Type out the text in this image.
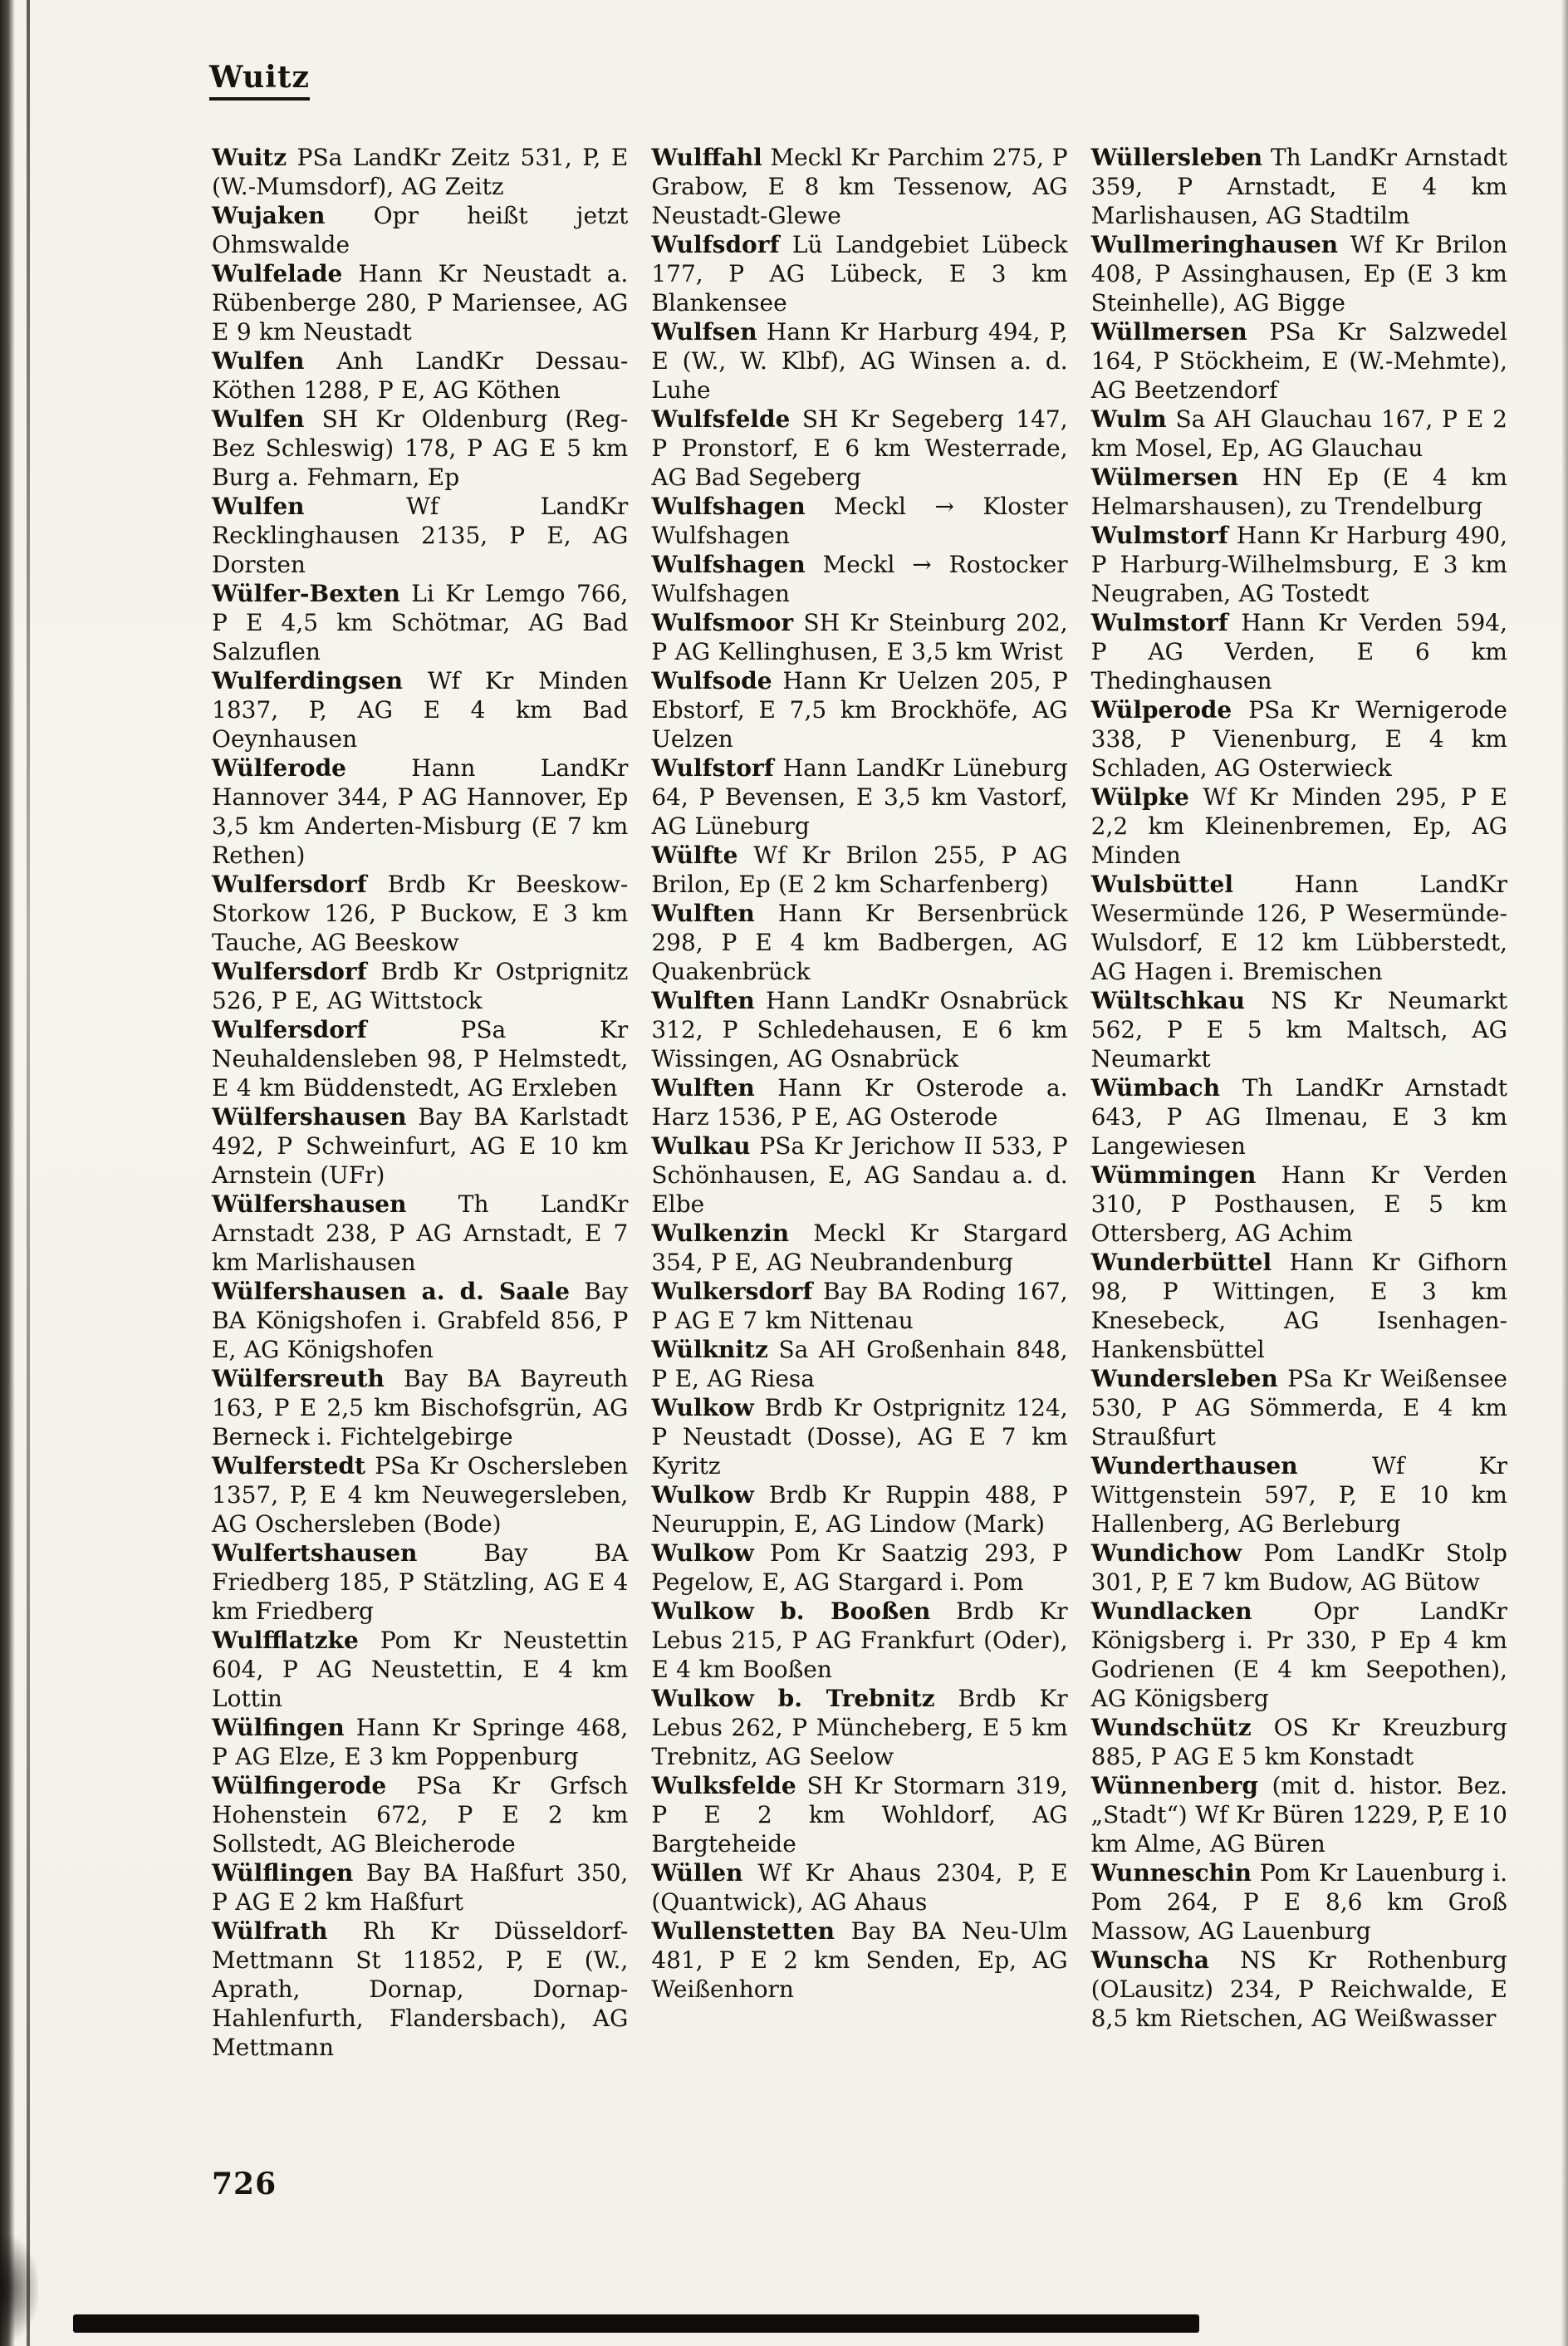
Wuitz

Wuitz PSa LandKr Zeitz 531, P, E (W.-Mumsdorf), AG Zeitz

Wujaken Opr heißt jetzt Ohmswalde

Wulfelade Hann Kr Neustadt a. Rübenberge 280, P Mariensee, AG E 9 km Neustadt

Wulfen Anh LandKr Dessau-Köthen 1288, P E, AG Köthen

Wulfen SH Kr Oldenburg (Reg-Bez Schleswig) 178, P AG E 5 km Burg a. Fehmarn, Ep

Wulfen Wf LandKr Recklinghausen 2135, P E, AG Dorsten

Wülfer-Bexten Li Kr Lemgo 766, P E 4,5 km Schötmar, AG Bad Salzuflen

Wulferdingsen Wf Kr Minden 1837, P, AG E 4 km Bad Oeynhausen

Wülferode Hann LandKr Hannover 344, P AG Hannover, Ep 3,5 km Anderten-Misburg (E 7 km Rethen)

Wulfersdorf Brdb Kr Beeskow-Storkow 126, P Buckow, E 3 km Tauche, AG Beeskow

Wulfersdorf Brdb Kr Ostprignitz 526, P E, AG Wittstock

Wulfersdorf PSa Kr Neuhaldensleben 98, P Helmstedt, E 4 km Büddenstedt, AG Erxleben

Wülfershausen Bay BA Karlstadt 492, P Schweinfurt, AG E 10 km Arnstein (UFr)

Wülfershausen Th LandKr Arnstadt 238, P AG Arnstadt, E 7 km Marlishausen

Wülfershausen a. d. Saale Bay BA Königshofen i. Grabfeld 856, P E, AG Königshofen

Wülfersreuth Bay BA Bayreuth 163, P E 2,5 km Bischofsgrün, AG Berneck i. Fichtelgebirge

Wulferstedt PSa Kr Oschersleben 1357, P, E 4 km Neuwegersleben, AG Oschersleben (Bode)

Wulfertshausen Bay BA Friedberg 185, P Stätzling, AG E 4 km Friedberg

Wulfflatzke Pom Kr Neustettin 604, P AG Neustettin, E 4 km Lottin

Wülfingen Hann Kr Springe 468, P AG Elze, E 3 km Poppenburg

Wülfingerode PSa Kr Grfsch Hohenstein 672, P E 2 km Sollstedt, AG Bleicherode

Wülflingen Bay BA Haßfurt 350, P AG E 2 km Haßfurt

Wülfrath Rh Kr Düsseldorf-Mettmann St 11852, P, E (W., Aprath, Dornap, Dornap-Hahlenfurth, Flandersbach), AG Mettmann

Wulffahl Meckl Kr Parchim 275, P Grabow, E 8 km Tessenow, AG Neustadt-Glewe

Wulfsdorf Lü Landgebiet Lübeck 177, P AG Lübeck, E 3 km Blankensee

Wulfsen Hann Kr Harburg 494, P, E (W., W. Klbf), AG Winsen a. d. Luhe

Wulfsfelde SH Kr Segeberg 147, P Pronstorf, E 6 km Westerrade, AG Bad Segeberg

Wulfshagen Meckl → Kloster Wulfshagen

Wulfshagen Meckl → Rostocker Wulfshagen

Wulfsmoor SH Kr Steinburg 202, P AG Kellinghusen, E 3,5 km Wrist

Wulfsode Hann Kr Uelzen 205, P Ebstorf, E 7,5 km Brockhöfe, AG Uelzen

Wulfstorf Hann LandKr Lüneburg 64, P Bevensen, E 3,5 km Vastorf, AG Lüneburg

Wülfte Wf Kr Brilon 255, P AG Brilon, Ep (E 2 km Scharfenberg)

Wulften Hann Kr Bersenbrück 298, P E 4 km Badbergen, AG Quakenbrück

Wulften Hann LandKr Osnabrück 312, P Schledehausen, E 6 km Wissingen, AG Osnabrück

Wulften Hann Kr Osterode a. Harz 1536, P E, AG Osterode

Wulkau PSa Kr Jerichow II 533, P Schönhausen, E, AG Sandau a. d. Elbe

Wulkenzin Meckl Kr Stargard 354, P E, AG Neubrandenburg

Wulkersdorf Bay BA Roding 167, P AG E 7 km Nittenau

Wülknitz Sa AH Großenhain 848, P E, AG Riesa

Wulkow Brdb Kr Ostprignitz 124, P Neustadt (Dosse), AG E 7 km Kyritz

Wulkow Brdb Kr Ruppin 488, P Neuruppin, E, AG Lindow (Mark)

Wulkow Pom Kr Saatzig 293, P Pegelow, E, AG Stargard i. Pom

Wulkow b. Booßen Brdb Kr Lebus 215, P AG Frankfurt (Oder), E 4 km Booßen

Wulkow b. Trebnitz Brdb Kr Lebus 262, P Müncheberg, E 5 km Trebnitz, AG Seelow

Wulksfelde SH Kr Stormarn 319, P E 2 km Wohldorf, AG Bargteheide

Wüllen Wf Kr Ahaus 2304, P, E (Quantwick), AG Ahaus

Wullenstetten Bay BA Neu-Ulm 481, P E 2 km Senden, Ep, AG Weißenhorn

Wüllersleben Th LandKr Arnstadt 359, P Arnstadt, E 4 km Marlishausen, AG Stadtilm

Wullmeringhausen Wf Kr Brilon 408, P Assinghausen, Ep (E 3 km Steinhelle), AG Bigge

Wüllmersen PSa Kr Salzwedel 164, P Stöckheim, E (W.-Mehmte), AG Beetzendorf

Wulm Sa AH Glauchau 167, P E 2 km Mosel, Ep, AG Glauchau

Wülmersen HN Ep (E 4 km Helmarshausen), zu Trendelburg

Wulmstorf Hann Kr Harburg 490, P Harburg-Wilhelmsburg, E 3 km Neugraben, AG Tostedt

Wulmstorf Hann Kr Verden 594, P AG Verden, E 6 km Thedinghausen

Wülperode PSa Kr Wernigerode 338, P Vienenburg, E 4 km Schladen, AG Osterwieck

Wülpke Wf Kr Minden 295, P E 2,2 km Kleinenbremen, Ep, AG Minden

Wulsbüttel Hann LandKr Wesermünde 126, P Wesermünde-Wulsdorf, E 12 km Lübberstedt, AG Hagen i. Bremischen

Wültschkau NS Kr Neumarkt 562, P E 5 km Maltsch, AG Neumarkt

Wümbach Th LandKr Arnstadt 643, P AG Ilmenau, E 3 km Langewiesen

Wümmingen Hann Kr Verden 310, P Posthausen, E 5 km Ottersberg, AG Achim

Wunderbüttel Hann Kr Gifhorn 98, P Wittingen, E 3 km Knesebeck, AG Isenhagen-Hankensbüttel

Wundersleben PSa Kr Weißensee 530, P AG Sömmerda, E 4 km Straußfurt

Wunderthausen Wf Kr Wittgenstein 597, P, E 10 km Hallenberg, AG Berleburg

Wundichow Pom LandKr Stolp 301, P, E 7 km Budow, AG Bütow

Wundlacken Opr LandKr Königsberg i. Pr 330, P Ep 4 km Godrienen (E 4 km Seepothen), AG Königsberg

Wundschütz OS Kr Kreuzburg 885, P AG E 5 km Konstadt

Wünnenberg (mit d. histor. Bez. „Stadt“) Wf Kr Büren 1229, P, E 10 km Alme, AG Büren

Wunneschin Pom Kr Lauenburg i. Pom 264, P E 8,6 km Groß Massow, AG Lauenburg

Wunscha NS Kr Rothenburg (OLausitz) 234, P Reichwalde, E 8,5 km Rietschen, AG Weißwasser

726
